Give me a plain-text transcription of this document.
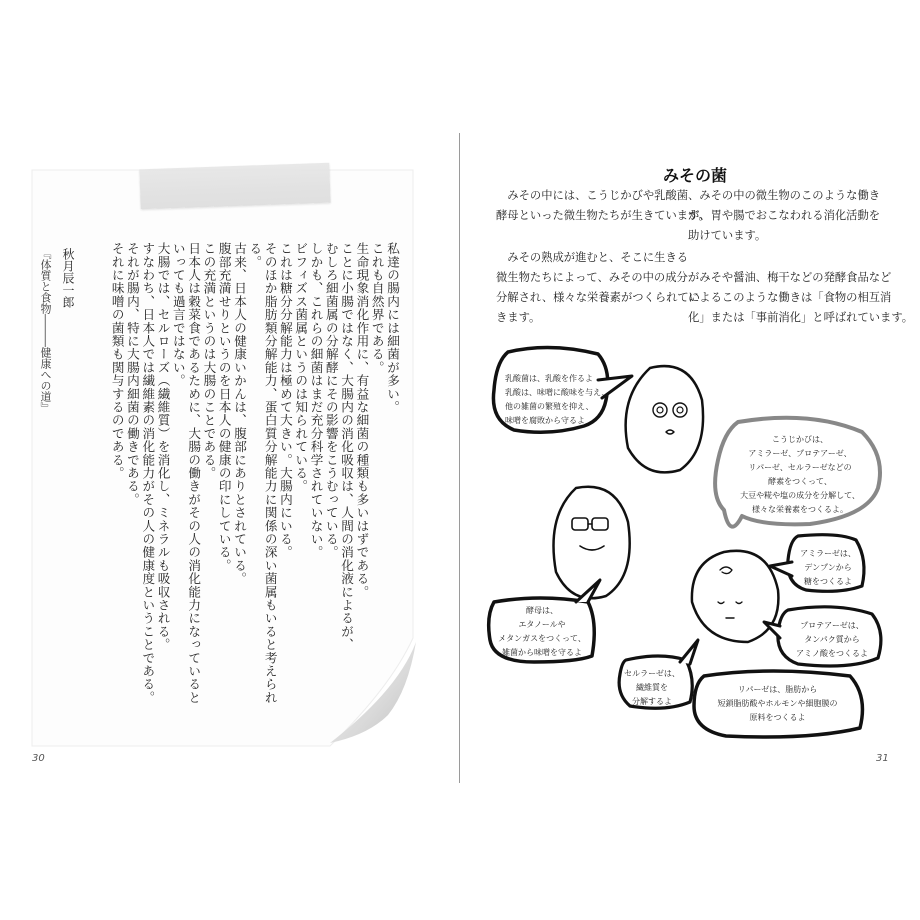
私達の腸内には細菌が多い。

これも自然界である。

生命現象消化作用に、有益な細菌の種類も多いはずである。

ことに小腸ではなく、大腸内の消化吸収は、人間の消化液によるが、

むしろ細菌属の分解酵にその影響をこうむっている。

しかも、これらの細菌はまだ充分科学されていない。

ビフィズス菌属というのは知られている。

これは糖分分解能力は極めて大きい。大腸内にいる。

そのほか脂肪類分解能力、蛋白質分解能力に関係の深い菌属もいると考えられる。

古来、日本人の健康いかんは、腹部にありとされている。

腹部充満せりというのを日本人の健康の印にしている。

この充満というのは大腸のことである。

日本人は穀菜食であるために、大腸の働きがその人の消化能力になっているといっても過言ではない。

大腸では、セルローズ（繊維質）を消化し、ミネラルも吸収される。

すなわち、日本人では繊維素の消化能力がその人の健康度ということである。

それが腸内、特に大腸内細菌の働きである。

それに味噌の菌類も関与するのである。

秋月辰一郎
『体質と食物―――健康への道』
30
みその菌
みその中には、こうじかびや乳酸菌、
酵母といった微生物たちが生きています。
みその熟成が進むと、そこに生きる
微生物たちによって、みその中の成分が
分解され、様々な栄養素がつくられてい
きます。
みその中の微生物のこのような働き
が、胃や腸でおこなわれる消化活動を
助けています。
みそや醤油、梅干などの発酵食品など
によるこのような働きは「食物の相互消
化」または「事前消化」と呼ばれています。
乳酸菌は、乳酸を作るよ
乳酸は、味噌に酸味を与え、
他の雑菌の繁殖を抑え、
味噌を腐敗から守るよ
こうじかびは、
アミラーゼ、プロテアーゼ、
リパーゼ、セルラーゼなどの
酵素をつくって、
大豆や糀や塩の成分を分解して、
様々な栄養素をつくるよ。
酵母は、
エタノールや
メタンガスをつくって、
雑菌から味噌を守るよ
アミラーゼは、
デンプンから
糖をつくるよ
プロテアーゼは、
タンパク質から
アミノ酸をつくるよ
セルラーゼは、
繊維質を
分解するよ
リパーゼは、脂肪から
短鎖脂肪酸やホルモンや細胞膜の
原料をつくるよ
31
